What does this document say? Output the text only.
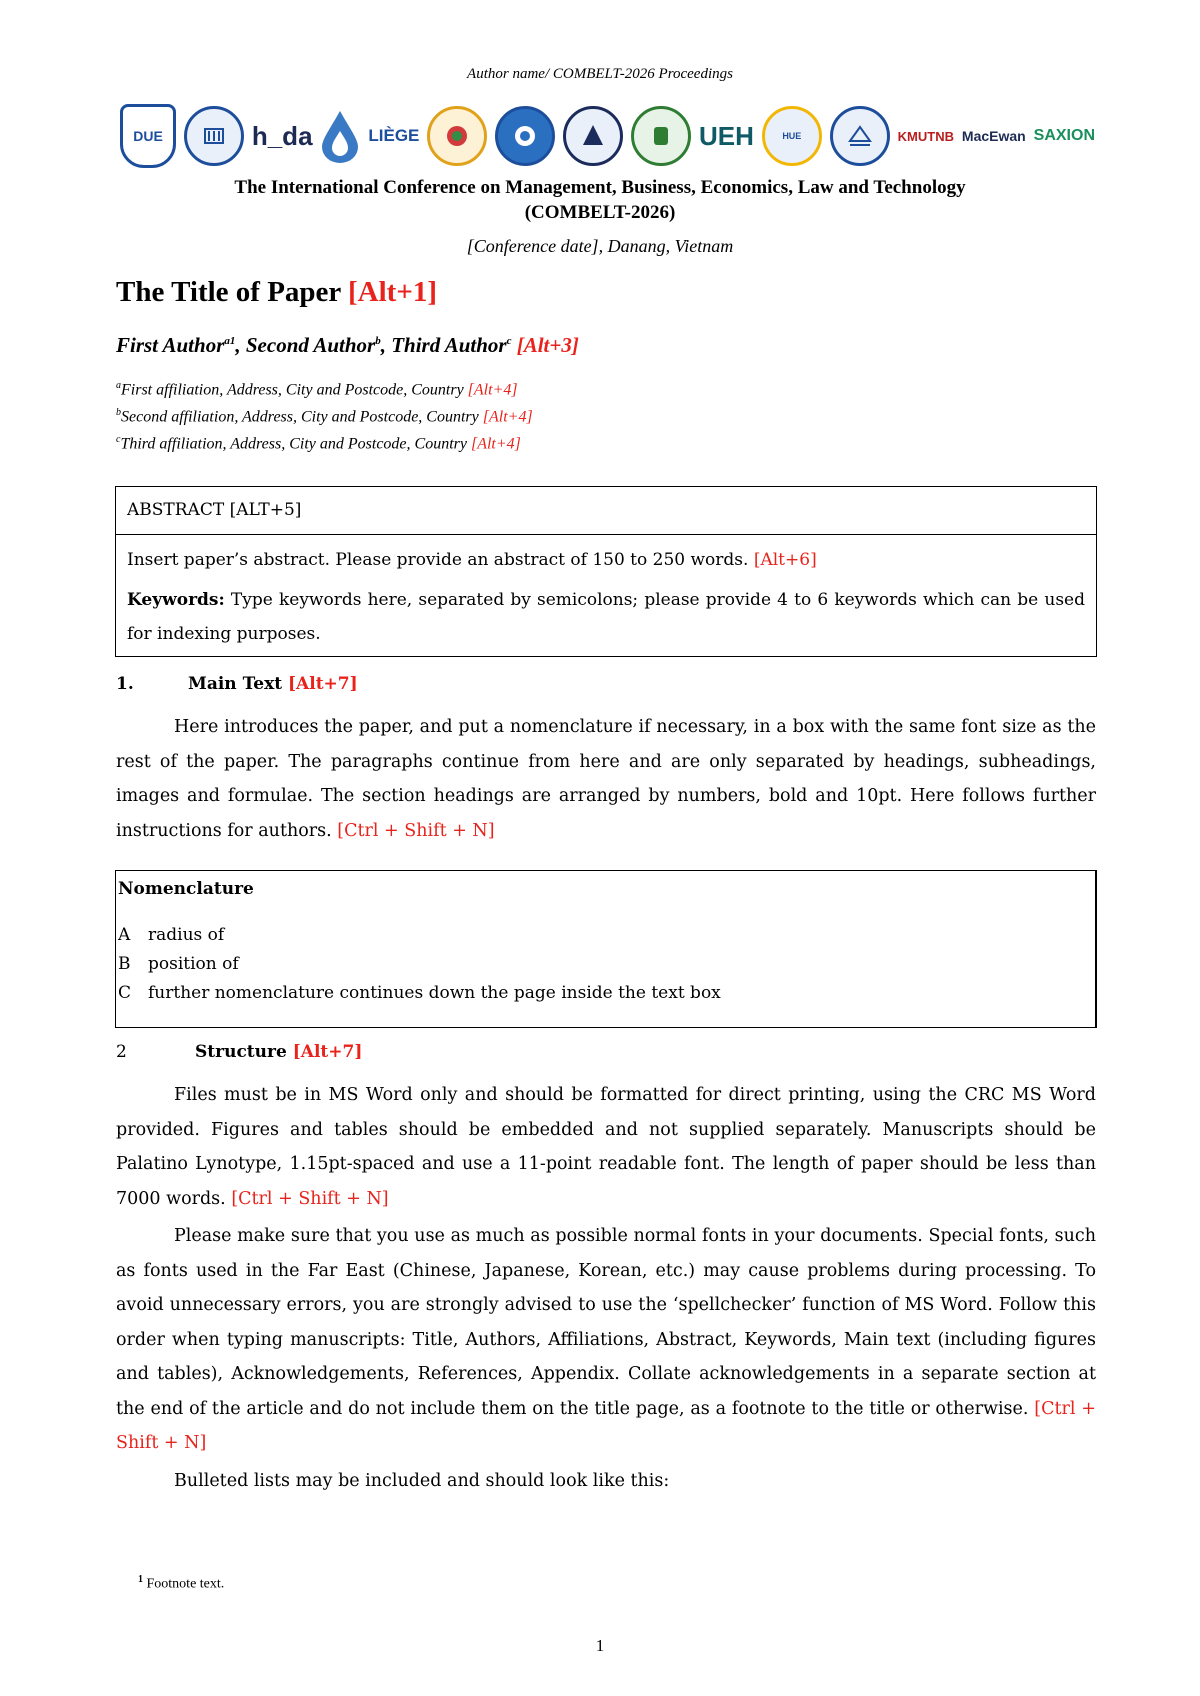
Author name/ COMBELT-2026 Proceedings
DUE	h_da	LIÈGE	UEH	HUE	KMUTNB MacEwan SAXION
The International Conference on Management, Business, Economics, Law and Technology
(COMBELT-2026)
[Conference date], Danang, Vietnam
The Title of Paper [Alt+1]
First Author$^{a1}$, Second Author$^b$, Third Author$^c$ [Alt+3]
$^a$First affiliation, Address, City and Postcode, Country [Alt+4]
$^b$Second affiliation, Address, City and Postcode, Country [Alt+4]
$^c$Third affiliation, Address, City and Postcode, Country [Alt+4]
ABSTRACT [ALT+5]

Insert paper’s abstract. Please provide an abstract of 150 to 250 words. [Alt+6]

Keywords: Type keywords here, separated by semicolons; please provide 4 to 6 keywords which can be used for indexing purposes.

1.	Main Text [Alt+7]

Here introduces the paper, and put a nomenclature if necessary, in a box with the same font size as the rest of the paper. The paragraphs continue from here and are only separated by headings, subheadings, images and formulae. The section headings are arranged by numbers, bold and 10pt. Here follows further instructions for authors. [Ctrl + Shift + N]

Nomenclature
A radius of
B position of
C further nomenclature continues down the page inside the text box
2	Structure [Alt+7]

Files must be in MS Word only and should be formatted for direct printing, using the CRC MS Word provided. Figures and tables should be embedded and not supplied separately. Manuscripts should be Palatino Lynotype, 1.15pt-spaced and use a 11-point readable font. The length of paper should be less than 7000 words. [Ctrl + Shift + N]

Please make sure that you use as much as possible normal fonts in your documents. Special fonts, such as fonts used in the Far East (Chinese, Japanese, Korean, etc.) may cause problems during processing. To avoid unnecessary errors, you are strongly advised to use the ‘spellchecker’ function of MS Word. Follow this order when typing manuscripts: Title, Authors, Affiliations, Abstract, Keywords, Main text (including figures and tables), Acknowledgements, References, Appendix. Collate acknowledgements in a separate section at the end of the article and do not include them on the title page, as a footnote to the title or otherwise. [Ctrl + Shift + N]

Bulleted lists may be included and should look like this:

$^1$ Footnote text.
1
